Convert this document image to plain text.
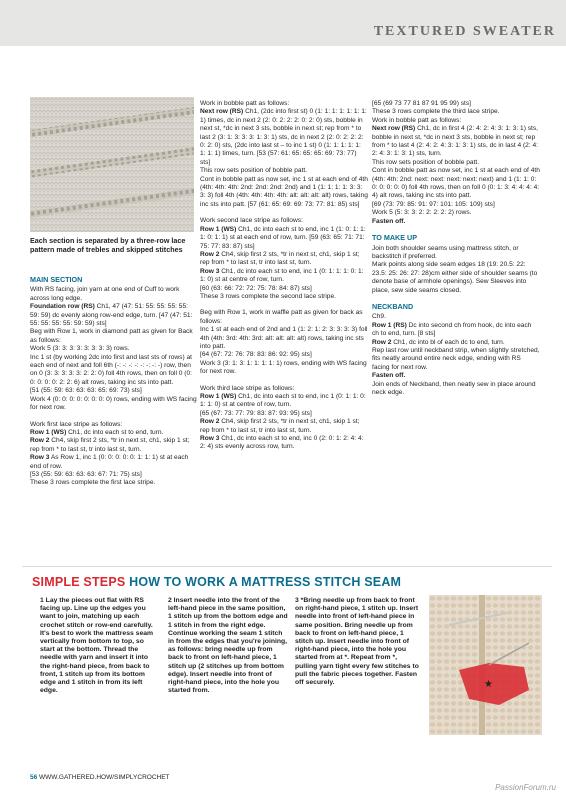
TEXTURED SWEATER
Each section is separated by a three-row lace pattern made of trebles and skipped stitches
MAIN SECTION

With RS facing, join yarn at one end of Cuff to work across long edge.
Foundation row (RS) Ch1, 47 (47: 51: 55: 55: 55: 55: 59: 59) dc evenly along row-end edge, turn. [47 (47: 51: 55: 55: 55: 55: 59: 59) sts]

Beg with Row 1, work in diamond patt as given for Back as follows:
Work 5 (3: 3: 3: 3: 3: 3: 3: 3) rows.
Inc 1 st (by working 2dc into first and last sts of rows) at each end of next and foll 6th (-: -: -: -: -: -: -: -) row, then on 0 (3: 3: 3: 3: 3: 2: 2: 0) foll 4th rows, then on foll 0 (0: 0: 0: 0: 0: 2: 2: 6) alt rows, taking inc sts into patt.
[51 (55: 59: 63: 63: 63: 65: 69: 73) sts]
Work 4 (0: 0: 0: 0: 0: 0: 0: 0) rows, ending with WS facing for next row.

Work first lace stripe as follows:
Row 1 (WS) Ch1, dc into each st to end, turn.
Row 2 Ch4, skip first 2 sts, *tr in next st, ch1, skip 1 st; rep from * to last st, tr into last st, turn.
Row 3 As Row 1, inc 1 (0: 0: 0: 0: 0: 1: 1: 1) st at each end of row.
[53 (55: 59: 63: 63: 63: 67: 71: 75) sts]
These 3 rows complete the first lace stripe.

Work in bobble patt as follows:
Next row (RS) Ch1, (2dc into first st) 0 (1: 1: 1: 1: 1: 1: 1: 1) times, dc in next 2 (2: 0: 2: 2: 2: 0: 2: 0) sts, bobble in next st, *dc in next 3 sts, bobble in next st; rep from * to last 2 (3: 1: 3: 3: 3: 1: 3: 1) sts, dc in next 2 (2: 0: 2: 2: 2: 0: 2: 0) sts, (2dc into last st – to inc 1 st) 0 (1: 1: 1: 1: 1: 1: 1: 1) times, turn. [53 (57: 61: 65: 65: 65: 69: 73: 77) sts]
This row sets position of bobble patt.
Cont in bobble patt as now set, inc 1 st at each end of 4th (4th: 4th: 4th: 2nd: 2nd: 2nd: 2nd) and 1 (1: 1: 1: 1: 3: 3: 3: 3) foll 4th (4th: 4th: 4th: 4th: alt: alt: alt: alt) rows, taking inc sts into patt. [57 (61: 65: 69: 69: 73: 77: 81: 85) sts]

Work second lace stripe as follows:
Row 1 (WS) Ch1, dc into each st to end, inc 1 (1: 0: 1: 1: 1: 0: 1: 1) st at each end of row, turn. [59 (63: 65: 71: 71: 75: 77: 83: 87) sts]
Row 2 Ch4, skip first 2 sts, *tr in next st, ch1, skip 1 st; rep from * to last st, tr into last st, turn.
Row 3 Ch1, dc into each st to end, inc 1 (0: 1: 1: 1: 0: 1: 1: 0) st at centre of row, turn.
[60 (63: 66: 72: 72: 75: 78: 84: 87) sts]
These 3 rows complete the second lace stripe.

Beg with Row 1, work in waffle patt as given for back as follows:
Inc 1 st at each end of 2nd and 1 (1: 2: 1: 2: 3: 3: 3: 3) foll 4th (4th: 3rd: 4th: 3rd: alt: alt: alt: alt) rows, taking inc sts into patt.
[64 (67: 72: 76: 78: 83: 86: 92: 95) sts]
Work 3 (3: 1: 3: 1: 1: 1: 1: 1) rows, ending with WS facing for next row.

Work third lace stripe as follows:
Row 1 (WS) Ch1, dc into each st to end, inc 1 (0: 1: 1: 0: 1: 1: 0) st at centre of row, turn.
[65 (67: 73: 77: 79: 83: 87: 93: 95) sts]
Row 2 Ch4, skip first 2 sts, *tr in next st, ch1, skip 1 st; rep from * to last st, tr into last st, turn.
Row 3 Ch1, dc into each st to end, inc 0 (2: 0: 1: 2: 4: 4: 2: 4) sts evenly across row, turn.

[65 (69 73 77 81 87 91 95 99) sts]
These 3 rows complete the third lace stripe.
Work in bobble patt as follows:
Next row (RS) Ch1, dc in first 4 (2: 4: 2: 4: 3: 1: 3: 1) sts, bobble in next st, *dc in next 3 sts, bobble in next st; rep from * to last 4 (2: 4: 2: 4: 3: 1: 3: 1) sts, dc in last 4 (2: 4: 2: 4: 3: 1: 3: 1) sts, turn.
This row sets position of bobble patt.
Cont in bobble patt as now set, inc 1 st at each end of 4th (4th: 4th: 2nd: next: next: next: next: next) and 1 (1: 1: 0: 0: 0: 0: 0: 0) foll 4th rows, then on foll 0 (0: 1: 3: 4: 4: 4: 4: 4) alt rows, taking inc sts into patt.
[69 (73: 79: 85: 91: 97: 101: 105: 109) sts]
Work 5 (5: 3: 3: 2: 2: 2: 2: 2) rows.
Fasten off.

TO MAKE UP

Join both shoulder seams using mattress stitch, or backstitch if preferred.
Mark points along side seam edges 18 (19: 20.5: 22: 23.5: 25: 26: 27: 28)cm either side of shoulder seams (to denote base of armhole openings). Sew Sleeves into place, sew side seams closed.

NECKBAND

Ch9.
Row 1 (RS) Dc into second ch from hook, dc into each ch to end, turn. [8 sts]
Row 2 Ch1, dc into bl of each dc to end, turn.
Rep last row until neckband strip, when slightly stretched, fits neatly around entire neck edge, ending with RS facing for next row.
Fasten off.
Join ends of Neckband, then neatly sew in place around neck edge.

SIMPLE STEPS HOW TO WORK A MATTRESS STITCH SEAM
1 Lay the pieces out flat with RS facing up. Line up the edges you want to join, matching up each crochet stitch or row-end carefully. It's best to work the mattress seam vertically from bottom to top, so start at the bottom. Thread the needle with yarn and insert it into the right-hand piece, from back to front, 1 stitch up from its bottom edge and 1 stitch in from its left edge.
2 Insert needle into the front of the left-hand piece in the same position, 1 stitch up from the bottom edge and 1 stitch in from the right edge. Continue working the seam 1 stitch in from the edges that you're joining, as follows: bring needle up from back to front on left-hand piece, 1 stitch up (2 stitches up from bottom edge). Insert needle into front of right-hand piece, into the hole you started from.
3 *Bring needle up from back to front on right-hand piece, 1 stitch up. Insert needle into front of left-hand piece in same position. Bring needle up from back to front on left-hand piece, 1 stitch up. Insert needle into front of right-hand piece, into the hole you started from at *. Repeat from *, pulling yarn tight every few stitches to pull the fabric pieces together. Fasten off securely.	★
56 WWW.GATHERED.HOW/SIMPLYCROCHET
PassionForum.ru
